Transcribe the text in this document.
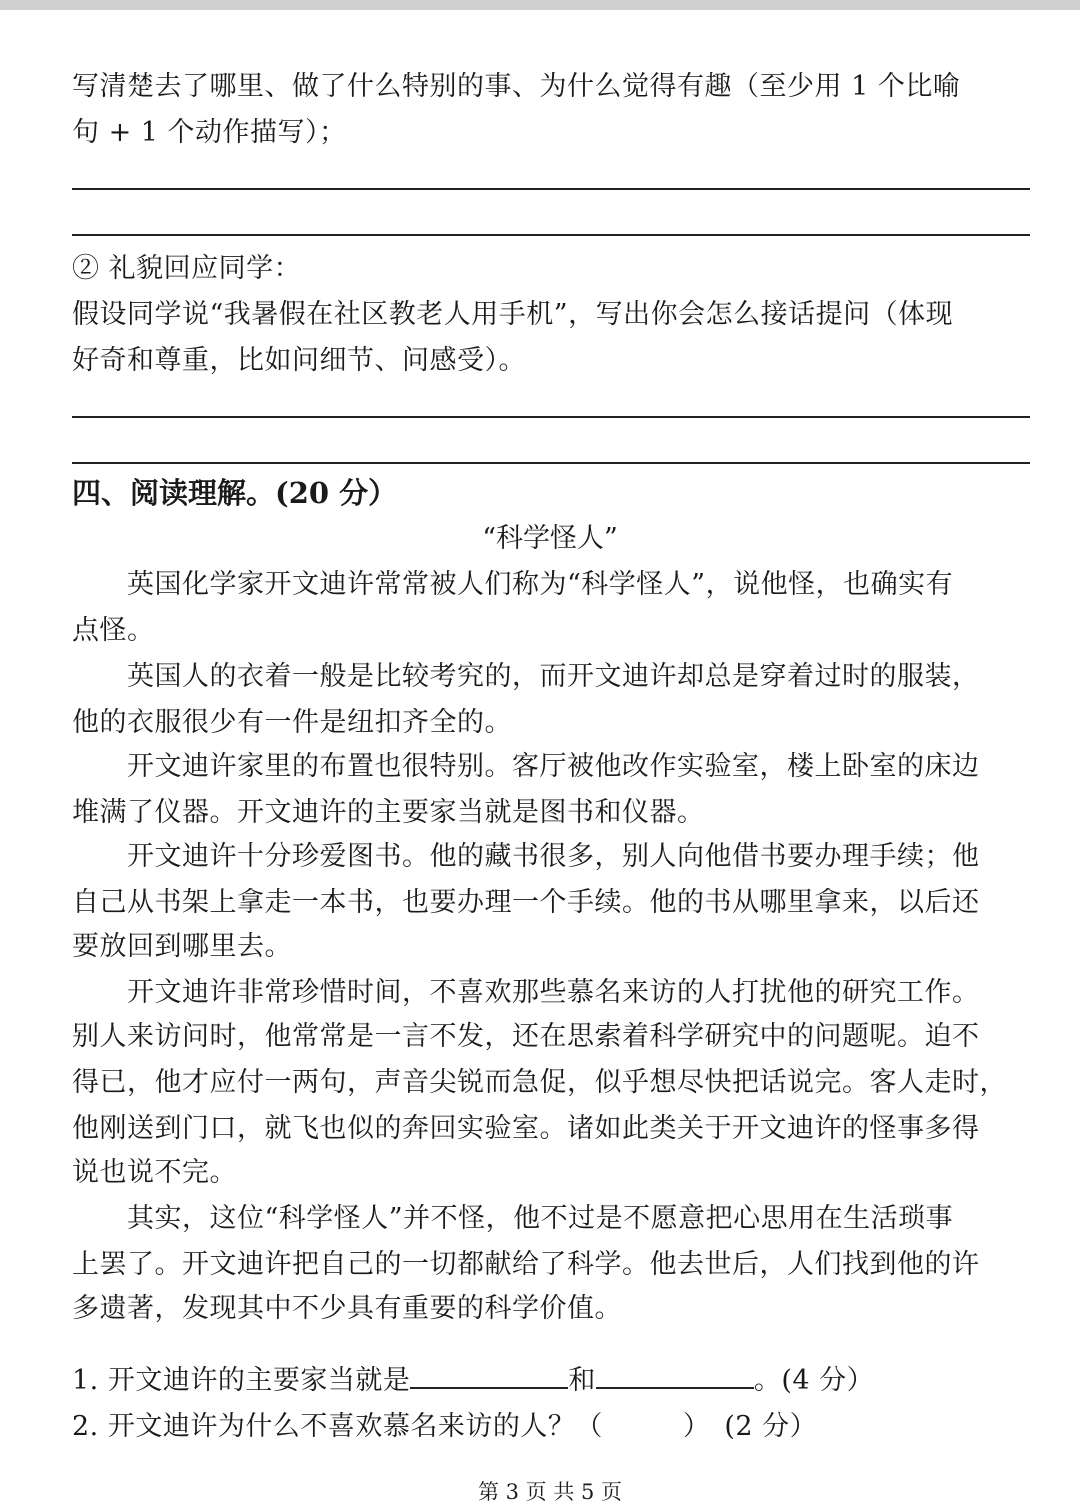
写清楚去了哪里、做了什么特别的事、为什么觉得有趣（至少用 1 个比喻
句 + 1 个动作描写）；
② 礼貌回应同学：
假设同学说“我暑假在社区教老人用手机”，写出你会怎么接话提问（体现
好奇和尊重，比如问细节、问感受）。
四、阅读理解。(20 分）
“科学怪人”
　　英国化学家开文迪许常常被人们称为“科学怪人”，说他怪，也确实有
点怪。
　　英国人的衣着一般是比较考究的，而开文迪许却总是穿着过时的服装，
他的衣服很少有一件是纽扣齐全的。
　　开文迪许家里的布置也很特别。客厅被他改作实验室，楼上卧室的床边
堆满了仪器。开文迪许的主要家当就是图书和仪器。
　　开文迪许十分珍爱图书。他的藏书很多，别人向他借书要办理手续；他
自己从书架上拿走一本书，也要办理一个手续。他的书从哪里拿来，以后还
要放回到哪里去。
　　开文迪许非常珍惜时间，不喜欢那些慕名来访的人打扰他的研究工作。
别人来访问时，他常常是一言不发，还在思索着科学研究中的问题呢。迫不
得已，他才应付一两句，声音尖锐而急促，似乎想尽快把话说完。客人走时，
他刚送到门口，就飞也似的奔回实验室。诸如此类关于开文迪许的怪事多得
说也说不完。
　　其实，这位“科学怪人”并不怪，他不过是不愿意把心思用在生活琐事
上罢了。开文迪许把自己的一切都献给了科学。他去世后，人们找到他的许
多遗著，发现其中不少具有重要的科学价值。
1. 开文迪许的主要家当就是	和	。(4 分）
2. 开文迪许为什么不喜欢慕名来访的人？（	）　(2 分）
第 3 页 共 5 页
